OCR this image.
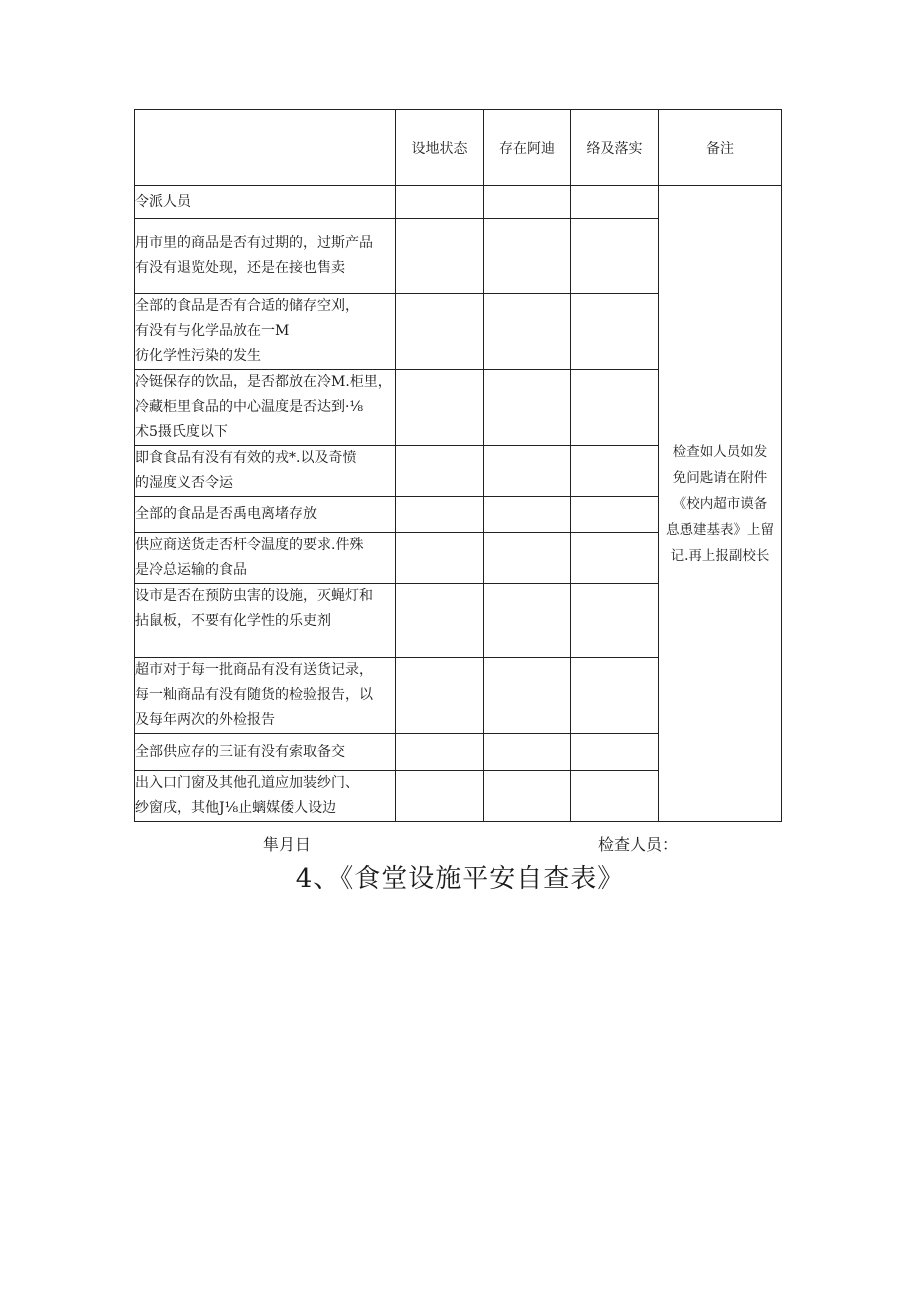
	设地状态	存在阿迪	络及落实	备注

令派人员				检查如人员如发
免问匙请在附件
《校内超市谟备
息恿建基表》上留
记.再上报副校长

用市里的商品是否有过期的，过斯产品
有没有退览处现，还是在接也售卖				

全部的食品是否有合适的储存空刈，
有没有与化学品放在一M
彷化学性污染的发生				

冷铤保存的饮品，是否都放在冷M.柜里，
冷藏柜里食品的中心温度是否达到·⅛
术5摄氏度以下				

即食食品有没有有效的戎*.以及奇愤
的湿度义否令运				

全部的食品是否禹电离堵存放				

供应商送货走否杆令温度的要求.件殊
是冷总运输的食品				

设市是否在预防虫害的设施，灭蝇灯和
拈鼠板，不要有化学性的乐吏剂				

超市对于每一批商品有没有送货记录，
每一籼商品有没有随货的检验报告，以
及每年两次的外检报告				

全部供应存的三证有没有索取备交				

出入口门窗及其他孔道应加装纱门、
纱窗戌，其他J⅛止螭媒倭人设边				

隼月日	检查人员：
4、《食堂设施平安自查表》
